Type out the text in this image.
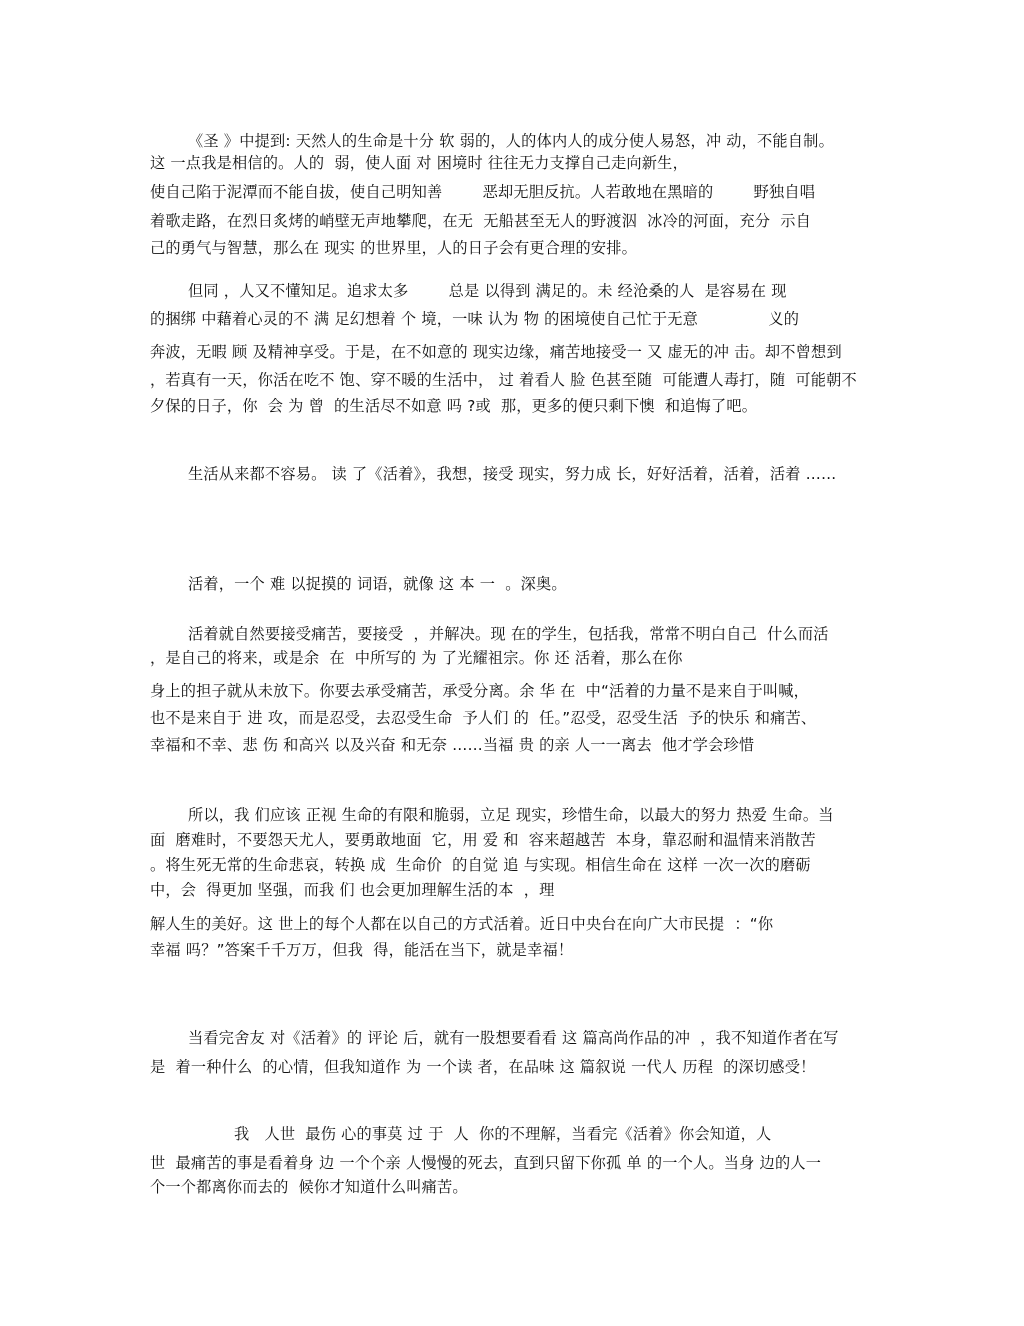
《圣 》中提到: 天然人的生命是十分 软 弱的，人的体内人的成分使人易怒，冲 动，不能自制。
这 一点我是相信的。人的  弱，使人面 对 困境时 往往无力支撑自己走向新生，
使自己陷于泥潭而不能自拔，使自己明知善        恶却无胆反抗。人若敢地在黑暗的        野独自唱
着歌走路，在烈日炙烤的峭壁无声地攀爬，在无  无船甚至无人的野渡泅  冰冷的河面，充分  示自
己的勇气与智慧，那么在 现实 的世界里，人的日子会有更合理的安排。
但同 ，人又不懂知足。追求太多        总是 以得到 满足的。未 经沧桑的人  是容易在 现
的捆绑 中藉着心灵的不 满 足幻想着 个 境，一味 认为 物 的困境使自己忙于无意              义的
奔波，无暇 顾 及精神享受。于是，在不如意的 现实边缘，痛苦地接受一 又 虚无的冲 击。却不曾想到
，若真有一天，你活在吃不 饱、穿不暖的生活中， 过 着看人 脸 色甚至随  可能遭人毒打，随  可能朝不
夕保的日子，你  会 为 曾  的生活尽不如意 吗 ?或  那，更多的便只剩下懊  和追悔了吧。
生活从来都不容易。 读 了《活着》，我想，接受 现实，努力成 长，好好活着，活着，活着 ……
活着，一个 难 以捉摸的 词语，就像 这 本 一  。深奥。
活着就自然要接受痛苦，要接受  ，并解决。现 在的学生，包括我，常常不明白自己  什么而活
，是自己的将来，或是余  在  中所写的 为 了光耀祖宗。你 还 活着，那么在你
身上的担子就从未放下。你要去承受痛苦，承受分离。余 华 在  中“活着的力量不是来自于叫喊，
也不是来自于 进 攻，而是忍受，去忍受生命  予人们 的  任。”忍受，忍受生活  予的快乐 和痛苦、
幸福和不幸、悲 伤 和高兴 以及兴奋 和无奈 ……当福 贵 的亲 人一一离去  他才学会珍惜
所以，我 们应该 正视 生命的有限和脆弱，立足 现实，珍惜生命，以最大的努力 热爱 生命。当
面  磨难时，不要怨天尤人，要勇敢地面  它，用 爱 和  容来超越苦  本身，靠忍耐和温情来消散苦
。将生死无常的生命悲哀，转换 成  生命价  的自觉 追 与实现。相信生命在 这样 一次一次的磨砺
中，会  得更加 坚强，而我 们 也会更加理解生活的本  ，理
解人生的美好。这 世上的每个人都在以自己的方式活着。近日中央台在向广大市民提  ：“你
幸福 吗？”答案千千万万，但我  得，能活在当下，就是幸福！
当看完舍友 对《活着》的 评论 后，就有一股想要看看 这 篇高尚作品的冲  ，我不知道作者在写
是  着一种什么  的心情，但我知道作 为 一个读 者，在品味 这 篇叙说 一代人 历程  的深切感受！
我   人世  最伤 心的事莫 过 于  人  你的不理解，当看完《活着》你会知道，人
世  最痛苦的事是看着身 边 一个个亲 人慢慢的死去，直到只留下你孤 单 的一个人。当身 边的人一
个一个都离你而去的  候你才知道什么叫痛苦。
